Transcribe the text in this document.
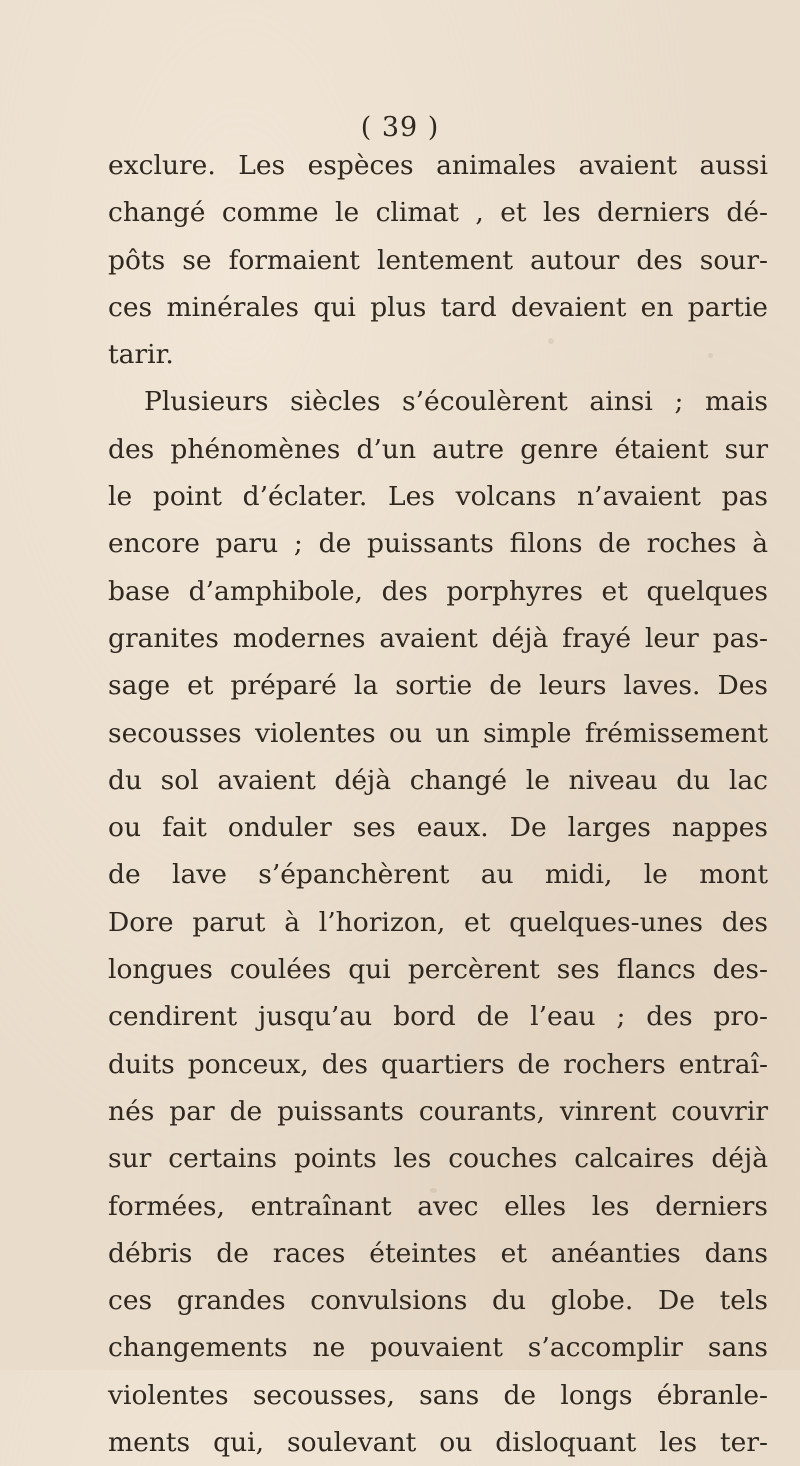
( 39 )
exclure. Les espèces animales avaient aussi
changé comme le climat , et les derniers dé-
pôts se formaient lentement autour des sour-
ces minérales qui plus tard devaient en partie
tarir.
Plusieurs siècles s’écoulèrent ainsi ; mais
des phénomènes d’un autre genre étaient sur
le point d’éclater. Les volcans n’avaient pas
encore paru ; de puissants filons de roches à
base d’amphibole, des porphyres et quelques
granites modernes avaient déjà frayé leur pas-
sage et préparé la sortie de leurs laves. Des
secousses violentes ou un simple frémissement
du sol avaient déjà changé le niveau du lac
ou fait onduler ses eaux. De larges nappes
de lave s’épanchèrent au midi, le mont
Dore parut à l’horizon, et quelques-unes des
longues coulées qui percèrent ses flancs des-
cendirent jusqu’au bord de l’eau ; des pro-
duits ponceux, des quartiers de rochers entraî-
nés par de puissants courants, vinrent couvrir
sur certains points les couches calcaires déjà
formées, entraînant avec elles les derniers
débris de races éteintes et anéanties dans
ces grandes convulsions du globe. De tels
changements ne pouvaient s’accomplir sans
violentes secousses, sans de longs ébranle-
ments qui, soulevant ou disloquant les ter-
